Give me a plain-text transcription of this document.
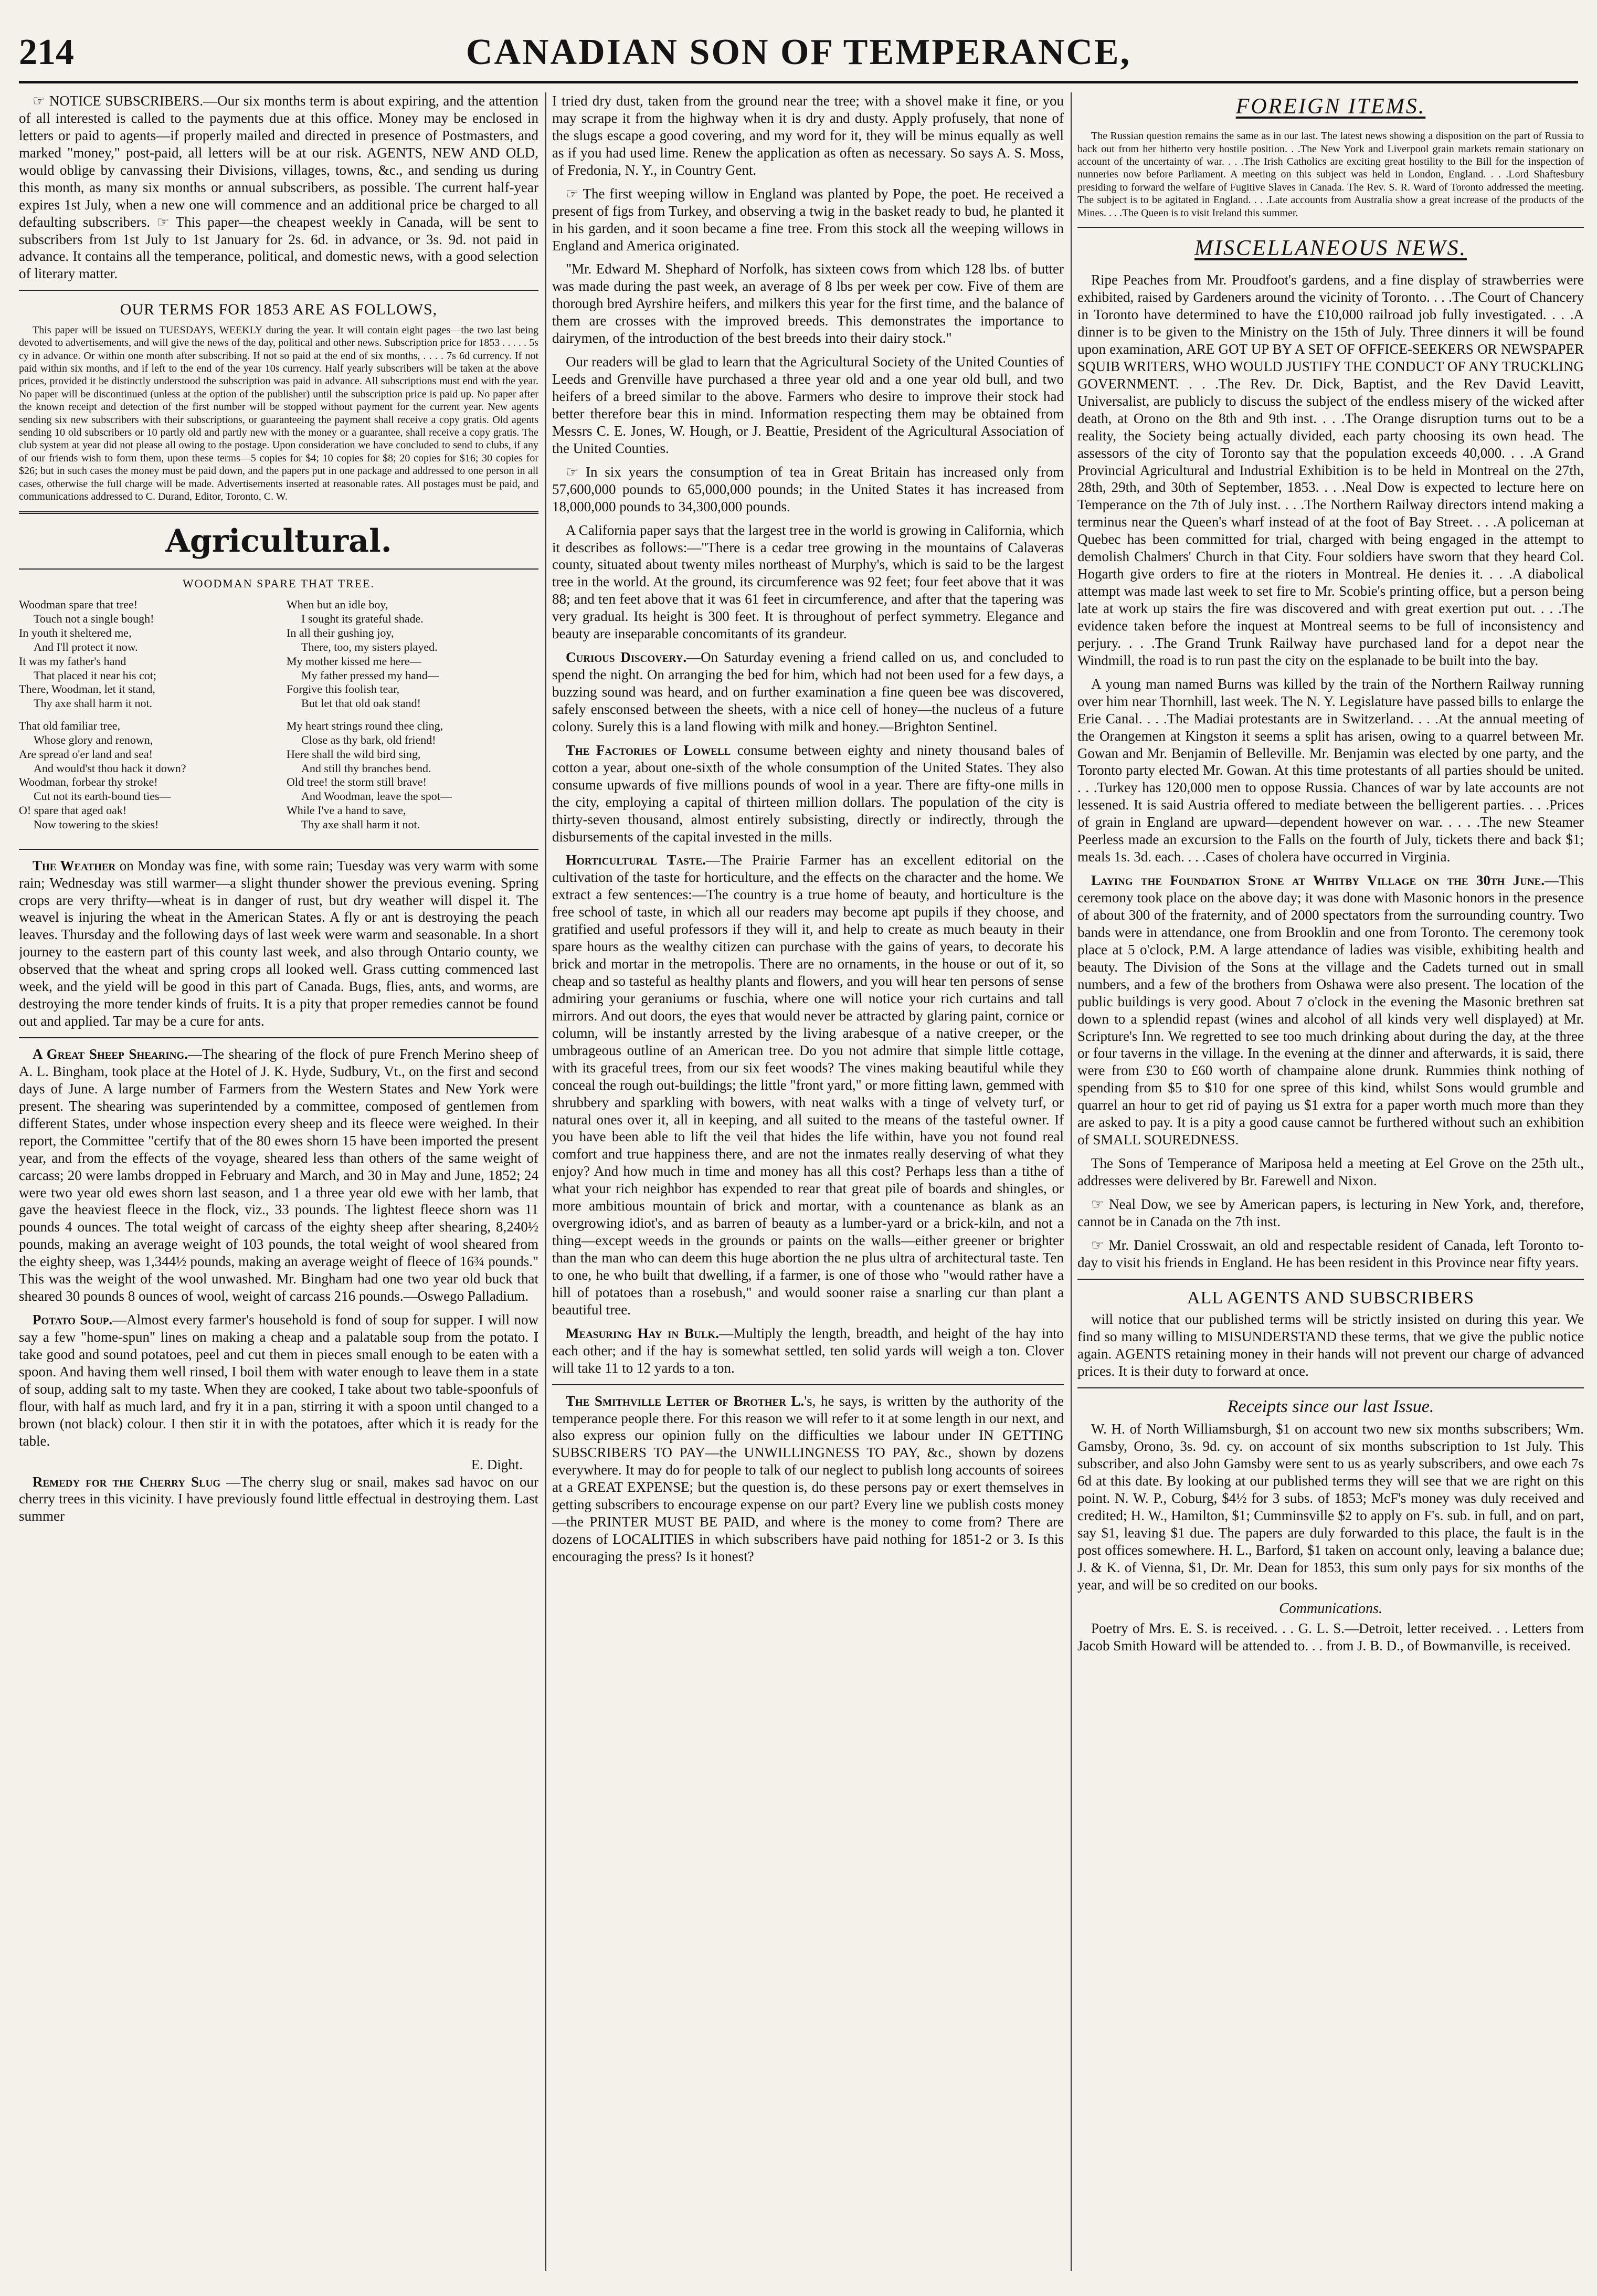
214	CANADIAN SON OF TEMPERANCE,

☞ NOTICE SUBSCRIBERS.—Our six months term is about expiring, and the attention of all interested is called to the payments due at this office. Money may be enclosed in letters or paid to agents—if properly mailed and directed in presence of Postmasters, and marked "money," post-paid, all letters will be at our risk. AGENTS, NEW AND OLD, would oblige by canvassing their Divisions, villages, towns, &c., and sending us during this month, as many six months or annual subscribers, as possible. The current half-year expires 1st July, when a new one will commence and an additional price be charged to all defaulting subscribers. ☞ This paper—the cheapest weekly in Canada, will be sent to subscribers from 1st July to 1st January for 2s. 6d. in advance, or 3s. 9d. not paid in advance. It contains all the temperance, political, and domestic news, with a good selection of literary matter.

OUR TERMS FOR 1853 ARE AS FOLLOWS,

This paper will be issued on TUESDAYS, WEEKLY during the year. It will contain eight pages—the two last being devoted to advertisements, and will give the news of the day, political and other news. Subscription price for 1853 . . . . . 5s cy in advance. Or within one month after subscribing. If not so paid at the end of six months, . . . . 7s 6d currency. If not paid within six months, and if left to the end of the year 10s currency. Half yearly subscribers will be taken at the above prices, provided it be distinctly understood the subscription was paid in advance. All subscriptions must end with the year. No paper will be discontinued (unless at the option of the publisher) until the subscription price is paid up. No paper after the known receipt and detection of the first number will be stopped without payment for the current year. New agents sending six new subscribers with their subscriptions, or guaranteeing the payment shall receive a copy gratis. Old agents sending 10 old subscribers or 10 partly old and partly new with the money or a guarantee, shall receive a copy gratis. The club system at year did not please all owing to the postage. Upon consideration we have concluded to send to clubs, if any of our friends wish to form them, upon these terms—5 copies for $4; 10 copies for $8; 20 copies for $16; 30 copies for $26; but in such cases the money must be paid down, and the papers put in one package and addressed to one person in all cases, otherwise the full charge will be made. Advertisements inserted at reasonable rates. All postages must be paid, and communications addressed to C. Durand, Editor, Toronto, C. W.

Agricultural.
WOODMAN SPARE THAT TREE.
Woodman spare that tree!
Touch not a single bough!
In youth it sheltered me,
And I'll protect it now.
It was my father's hand
That placed it near his cot;
There, Woodman, let it stand,
Thy axe shall harm it not.
That old familiar tree,
Whose glory and renown,
Are spread o'er land and sea!
And would'st thou hack it down?
Woodman, forbear thy stroke!
Cut not its earth-bound ties—
O! spare that aged oak!
Now towering to the skies!
When but an idle boy,
I sought its grateful shade.
In all their gushing joy,
There, too, my sisters played.
My mother kissed me here—
My father pressed my hand—
Forgive this foolish tear,
But let that old oak stand!
My heart strings round thee cling,
Close as thy bark, old friend!
Here shall the wild bird sing,
And still thy branches bend.
Old tree! the storm still brave!
And Woodman, leave the spot—
While I've a hand to save,
Thy axe shall harm it not.

The Weather on Monday was fine, with some rain; Tuesday was very warm with some rain; Wednesday was still warmer—a slight thunder shower the previous evening. Spring crops are very thrifty—wheat is in danger of rust, but dry weather will dispel it. The weavel is injuring the wheat in the American States. A fly or ant is destroying the peach leaves. Thursday and the following days of last week were warm and seasonable. In a short journey to the eastern part of this county last week, and also through Ontario county, we observed that the wheat and spring crops all looked well. Grass cutting commenced last week, and the yield will be good in this part of Canada. Bugs, flies, ants, and worms, are destroying the more tender kinds of fruits. It is a pity that proper remedies cannot be found out and applied. Tar may be a cure for ants.

A Great Sheep Shearing.—The shearing of the flock of pure French Merino sheep of A. L. Bingham, took place at the Hotel of J. K. Hyde, Sudbury, Vt., on the first and second days of June. A large number of Farmers from the Western States and New York were present. The shearing was superintended by a committee, composed of gentlemen from different States, under whose inspection every sheep and its fleece were weighed. In their report, the Committee "certify that of the 80 ewes shorn 15 have been imported the present year, and from the effects of the voyage, sheared less than others of the same weight of carcass; 20 were lambs dropped in February and March, and 30 in May and June, 1852; 24 were two year old ewes shorn last season, and 1 a three year old ewe with her lamb, that gave the heaviest fleece in the flock, viz., 33 pounds. The lightest fleece shorn was 11 pounds 4 ounces. The total weight of carcass of the eighty sheep after shearing, 8,240½ pounds, making an average weight of 103 pounds, the total weight of wool sheared from the eighty sheep, was 1,344½ pounds, making an average weight of fleece of 16¾ pounds." This was the weight of the wool unwashed. Mr. Bingham had one two year old buck that sheared 30 pounds 8 ounces of wool, weight of carcass 216 pounds.—Oswego Palladium.

Potato Soup.—Almost every farmer's household is fond of soup for supper. I will now say a few "home-spun" lines on making a cheap and a palatable soup from the potato. I take good and sound potatoes, peel and cut them in pieces small enough to be eaten with a spoon. And having them well rinsed, I boil them with water enough to leave them in a state of soup, adding salt to my taste. When they are cooked, I take about two table-spoonfuls of flour, with half as much lard, and fry it in a pan, stirring it with a spoon until changed to a brown (not black) colour. I then stir it in with the potatoes, after which it is ready for the table.

E. Dight.

Remedy for the Cherry Slug —The cherry slug or snail, makes sad havoc on our cherry trees in this vicinity. I have previously found little effectual in destroying them. Last summer

I tried dry dust, taken from the ground near the tree; with a shovel make it fine, or you may scrape it from the highway when it is dry and dusty. Apply profusely, that none of the slugs escape a good covering, and my word for it, they will be minus equally as well as if you had used lime. Renew the application as often as necessary. So says A. S. Moss, of Fredonia, N. Y., in Country Gent.

☞ The first weeping willow in England was planted by Pope, the poet. He received a present of figs from Turkey, and observing a twig in the basket ready to bud, he planted it in his garden, and it soon became a fine tree. From this stock all the weeping willows in England and America originated.

"Mr. Edward M. Shephard of Norfolk, has sixteen cows from which 128 lbs. of butter was made during the past week, an average of 8 lbs per week per cow. Five of them are thorough bred Ayrshire heifers, and milkers this year for the first time, and the balance of them are crosses with the improved breeds. This demonstrates the importance to dairymen, of the introduction of the best breeds into their dairy stock."

Our readers will be glad to learn that the Agricultural Society of the United Counties of Leeds and Grenville have purchased a three year old and a one year old bull, and two heifers of a breed similar to the above. Farmers who desire to improve their stock had better therefore bear this in mind. Information respecting them may be obtained from Messrs C. E. Jones, W. Hough, or J. Beattie, President of the Agricultural Association of the United Counties.

☞ In six years the consumption of tea in Great Britain has increased only from 57,600,000 pounds to 65,000,000 pounds; in the United States it has increased from 18,000,000 pounds to 34,300,000 pounds.

A California paper says that the largest tree in the world is growing in California, which it describes as follows:—"There is a cedar tree growing in the mountains of Calaveras county, situated about twenty miles northeast of Murphy's, which is said to be the largest tree in the world. At the ground, its circumference was 92 feet; four feet above that it was 88; and ten feet above that it was 61 feet in circumference, and after that the tapering was very gradual. Its height is 300 feet. It is throughout of perfect symmetry. Elegance and beauty are inseparable concomitants of its grandeur.

Curious Discovery.—On Saturday evening a friend called on us, and concluded to spend the night. On arranging the bed for him, which had not been used for a few days, a buzzing sound was heard, and on further examination a fine queen bee was discovered, safely ensconsed between the sheets, with a nice cell of honey—the nucleus of a future colony. Surely this is a land flowing with milk and honey.—Brighton Sentinel.

The Factories of Lowell consume between eighty and ninety thousand bales of cotton a year, about one-sixth of the whole consumption of the United States. They also consume upwards of five millions pounds of wool in a year. There are fifty-one mills in the city, employing a capital of thirteen million dollars. The population of the city is thirty-seven thousand, almost entirely subsisting, directly or indirectly, through the disbursements of the capital invested in the mills.

Horticultural Taste.—The Prairie Farmer has an excellent editorial on the cultivation of the taste for horticulture, and the effects on the character and the home. We extract a few sentences:—The country is a true home of beauty, and horticulture is the free school of taste, in which all our readers may become apt pupils if they choose, and gratified and useful professors if they will it, and help to create as much beauty in their spare hours as the wealthy citizen can purchase with the gains of years, to decorate his brick and mortar in the metropolis. There are no ornaments, in the house or out of it, so cheap and so tasteful as healthy plants and flowers, and you will hear ten persons of sense admiring your geraniums or fuschia, where one will notice your rich curtains and tall mirrors. And out doors, the eyes that would never be attracted by glaring paint, cornice or column, will be instantly arrested by the living arabesque of a native creeper, or the umbrageous outline of an American tree. Do you not admire that simple little cottage, with its graceful trees, from our six feet woods? The vines making beautiful while they conceal the rough out-buildings; the little "front yard," or more fitting lawn, gemmed with shrubbery and sparkling with bowers, with neat walks with a tinge of velvety turf, or natural ones over it, all in keeping, and all suited to the means of the tasteful owner. If you have been able to lift the veil that hides the life within, have you not found real comfort and true happiness there, and are not the inmates really deserving of what they enjoy? And how much in time and money has all this cost? Perhaps less than a tithe of what your rich neighbor has expended to rear that great pile of boards and shingles, or more ambitious mountain of brick and mortar, with a countenance as blank as an overgrowing idiot's, and as barren of beauty as a lumber-yard or a brick-kiln, and not a thing—except weeds in the grounds or paints on the walls—either greener or brighter than the man who can deem this huge abortion the ne plus ultra of architectural taste. Ten to one, he who built that dwelling, if a farmer, is one of those who "would rather have a hill of potatoes than a rosebush," and would sooner raise a snarling cur than plant a beautiful tree.

Measuring Hay in Bulk.—Multiply the length, breadth, and height of the hay into each other; and if the hay is somewhat settled, ten solid yards will weigh a ton. Clover will take 11 to 12 yards to a ton.

The Smithville Letter of Brother L.'s, he says, is written by the authority of the temperance people there. For this reason we will refer to it at some length in our next, and also express our opinion fully on the difficulties we labour under IN GETTING SUBSCRIBERS TO PAY—the UNWILLINGNESS TO PAY, &c., shown by dozens everywhere. It may do for people to talk of our neglect to publish long accounts of soirees at a GREAT EXPENSE; but the question is, do these persons pay or exert themselves in getting subscribers to encourage expense on our part? Every line we publish costs money—the PRINTER MUST BE PAID, and where is the money to come from? There are dozens of LOCALITIES in which subscribers have paid nothing for 1851-2 or 3. Is this encouraging the press? Is it honest?

FOREIGN ITEMS.

The Russian question remains the same as in our last. The latest news showing a disposition on the part of Russia to back out from her hitherto very hostile position. . .The New York and Liverpool grain markets remain stationary on account of the uncertainty of war. . . .The Irish Catholics are exciting great hostility to the Bill for the inspection of nunneries now before Parliament. A meeting on this subject was held in London, England. . . .Lord Shaftesbury presiding to forward the welfare of Fugitive Slaves in Canada. The Rev. S. R. Ward of Toronto addressed the meeting. The subject is to be agitated in England. . . .Late accounts from Australia show a great increase of the products of the Mines. . . .The Queen is to visit Ireland this summer.

MISCELLANEOUS NEWS.

Ripe Peaches from Mr. Proudfoot's gardens, and a fine display of strawberries were exhibited, raised by Gardeners around the vicinity of Toronto. . . .The Court of Chancery in Toronto have determined to have the £10,000 railroad job fully investigated. . . .A dinner is to be given to the Ministry on the 15th of July. Three dinners it will be found upon examination, ARE GOT UP BY A SET OF OFFICE-SEEKERS OR NEWSPAPER SQUIB WRITERS, WHO WOULD JUSTIFY THE CONDUCT OF ANY TRUCKLING GOVERNMENT. . . .The Rev. Dr. Dick, Baptist, and the Rev David Leavitt, Universalist, are publicly to discuss the subject of the endless misery of the wicked after death, at Orono on the 8th and 9th inst. . . .The Orange disruption turns out to be a reality, the Society being actually divided, each party choosing its own head. The assessors of the city of Toronto say that the population exceeds 40,000. . . .A Grand Provincial Agricultural and Industrial Exhibition is to be held in Montreal on the 27th, 28th, 29th, and 30th of September, 1853. . . .Neal Dow is expected to lecture here on Temperance on the 7th of July inst. . . .The Northern Railway directors intend making a terminus near the Queen's wharf instead of at the foot of Bay Street. . . .A policeman at Quebec has been committed for trial, charged with being engaged in the attempt to demolish Chalmers' Church in that City. Four soldiers have sworn that they heard Col. Hogarth give orders to fire at the rioters in Montreal. He denies it. . . .A diabolical attempt was made last week to set fire to Mr. Scobie's printing office, but a person being late at work up stairs the fire was discovered and with great exertion put out. . . .The evidence taken before the inquest at Montreal seems to be full of inconsistency and perjury. . . .The Grand Trunk Railway have purchased land for a depot near the Windmill, the road is to run past the city on the esplanade to be built into the bay.

A young man named Burns was killed by the train of the Northern Railway running over him near Thornhill, last week. The N. Y. Legislature have passed bills to enlarge the Erie Canal. . . .The Madiai protestants are in Switzerland. . . .At the annual meeting of the Orangemen at Kingston it seems a split has arisen, owing to a quarrel between Mr. Gowan and Mr. Benjamin of Belleville. Mr. Benjamin was elected by one party, and the Toronto party elected Mr. Gowan. At this time protestants of all parties should be united. . . .Turkey has 120,000 men to oppose Russia. Chances of war by late accounts are not lessened. It is said Austria offered to mediate between the belligerent parties. . . .Prices of grain in England are upward—dependent however on war. . . . .The new Steamer Peerless made an excursion to the Falls on the fourth of July, tickets there and back $1; meals 1s. 3d. each. . . .Cases of cholera have occurred in Virginia.

Laying the Foundation Stone at Whitby Village on the 30th June.—This ceremony took place on the above day; it was done with Masonic honors in the presence of about 300 of the fraternity, and of 2000 spectators from the surrounding country. Two bands were in attendance, one from Brooklin and one from Toronto. The ceremony took place at 5 o'clock, P.M. A large attendance of ladies was visible, exhibiting health and beauty. The Division of the Sons at the village and the Cadets turned out in small numbers, and a few of the brothers from Oshawa were also present. The location of the public buildings is very good. About 7 o'clock in the evening the Masonic brethren sat down to a splendid repast (wines and alcohol of all kinds very well displayed) at Mr. Scripture's Inn. We regretted to see too much drinking about during the day, at the three or four taverns in the village. In the evening at the dinner and afterwards, it is said, there were from £30 to £60 worth of champaine alone drunk. Rummies think nothing of spending from $5 to $10 for one spree of this kind, whilst Sons would grumble and quarrel an hour to get rid of paying us $1 extra for a paper worth much more than they are asked to pay. It is a pity a good cause cannot be furthered without such an exhibition of SMALL SOUREDNESS.

The Sons of Temperance of Mariposa held a meeting at Eel Grove on the 25th ult., addresses were delivered by Br. Farewell and Nixon.

☞ Neal Dow, we see by American papers, is lecturing in New York, and, therefore, cannot be in Canada on the 7th inst.

☞ Mr. Daniel Crosswait, an old and respectable resident of Canada, left Toronto to-day to visit his friends in England. He has been resident in this Province near fifty years.

ALL AGENTS AND SUBSCRIBERS

will notice that our published terms will be strictly insisted on during this year. We find so many willing to MISUNDERSTAND these terms, that we give the public notice again. AGENTS retaining money in their hands will not prevent our charge of advanced prices. It is their duty to forward at once.

Receipts since our last Issue.

W. H. of North Williamsburgh, $1 on account two new six months subscribers; Wm. Gamsby, Orono, 3s. 9d. cy. on account of six months subscription to 1st July. This subscriber, and also John Gamsby were sent to us as yearly subscribers, and owe each 7s 6d at this date. By looking at our published terms they will see that we are right on this point. N. W. P., Coburg, $4½ for 3 subs. of 1853; McF's money was duly received and credited; H. W., Hamilton, $1; Cumminsville $2 to apply on F's. sub. in full, and on part, say $1, leaving $1 due. The papers are duly forwarded to this place, the fault is in the post offices somewhere. H. L., Barford, $1 taken on account only, leaving a balance due; J. & K. of Vienna, $1, Dr. Mr. Dean for 1853, this sum only pays for six months of the year, and will be so credited on our books.

Communications.

Poetry of Mrs. E. S. is received. . . G. L. S.—Detroit, letter received. . . Letters from Jacob Smith Howard will be attended to. . . from J. B. D., of Bowmanville, is received.
